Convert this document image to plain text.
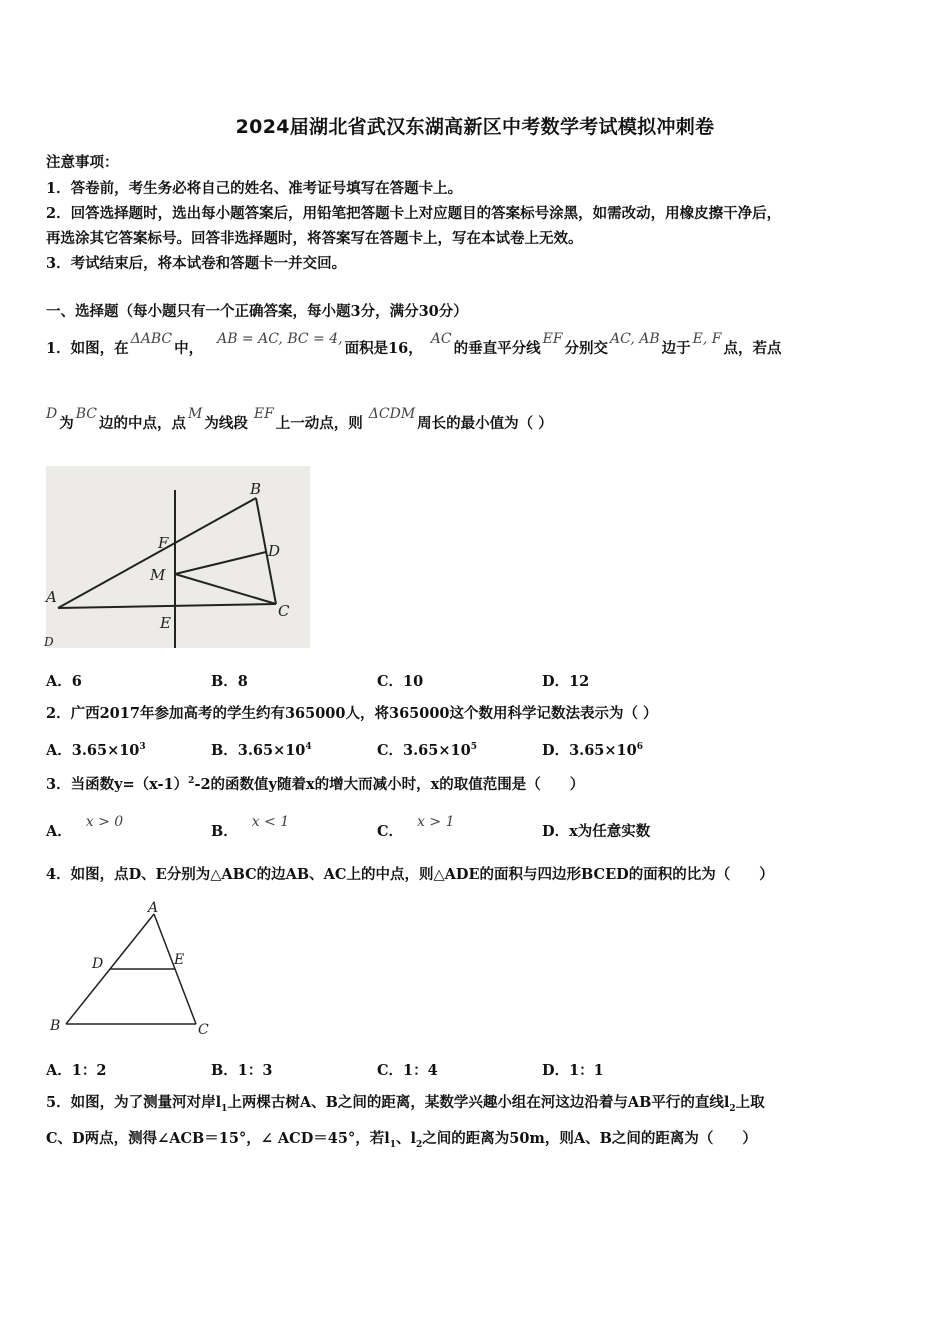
2024届湖北省武汉东湖高新区中考数学考试模拟冲刺卷
注意事项：
1．答卷前，考生务必将自己的姓名、准考证号填写在答题卡上。
2．回答选择题时，选出每小题答案后，用铅笔把答题卡上对应题目的答案标号涂黑，如需改动，用橡皮擦干净后，
再选涂其它答案标号。回答非选择题时，将答案写在答题卡上，写在本试卷上无效。
3．考试结束后，将本试卷和答题卡一并交回。
一、选择题（每小题只有一个正确答案，每小题3分，满分30分）
1．如图，在ΔABC中，AB = AC, BC = 4,面积是16，AC的垂直平分线EF分别交AC, AB边于E, F点，若点
D为BC边的中点，点M为线段EF上一动点，则ΔCDM周长的最小值为（ ）
A
B
C
D
E
F
M
D
A．6	B．8	C．10	D．12
2．广西2017年参加高考的学生约有365000人，将365000这个数用科学记数法表示为（ ）
A．$3.65\times 10^3$	B．$3.65\times 10^4$	C．$3.65\times 10^5$	D．$3.65\times 10^6$
3．当函数$y=(x-1)^2-2$的函数值y随着x的增大而减小时，x的取值范围是（　　）
A．x > 0
B．x < 1
C．x > 1
D．x为任意实数
4．如图，点D、E分别为△ABC的边AB、AC上的中点，则△ADE的面积与四边形BCED的面积的比为（　　）
A
B	C
D	E
A．1：2	B．1：3	C．1：4	D．1：1
5．如图，为了测量河对岸$l_1$上两棵古树A、B之间的距离，某数学兴趣小组在河这边沿着与AB平行的直线$l_2$上取
C、D两点，测得∠ACB＝15°，∠ ACD＝45°，若$l_1$、$l_2$之间的距离为50m，则A、B之间的距离为（　　）
